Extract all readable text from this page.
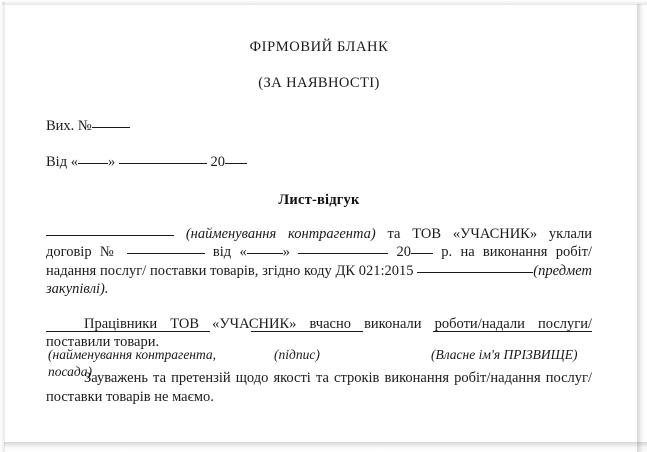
ФІРМОВИЙ БЛАНК
(ЗА НАЯВНОСТІ)
Вих. №
Від « »	20
Лист-відгук
(найменування контрагента) та ТОВ «УЧАСНИК» уклали договір №	від « »	20 р. на виконання робіт/ надання послуг/ поставки товарів, згідно коду ДК 021:2015	(предмет закупівлі).
Працівники ТОВ «УЧАСНИК» вчасно виконали роботи/надали послуги/поставили товари.
Зауважень та претензій щодо якості та строків виконання робіт/надання послуг/поставки товарів не маємо.
(найменування контрагента, посада)
(підпис)	(Власне ім'я ПРІЗВИЩЕ)
